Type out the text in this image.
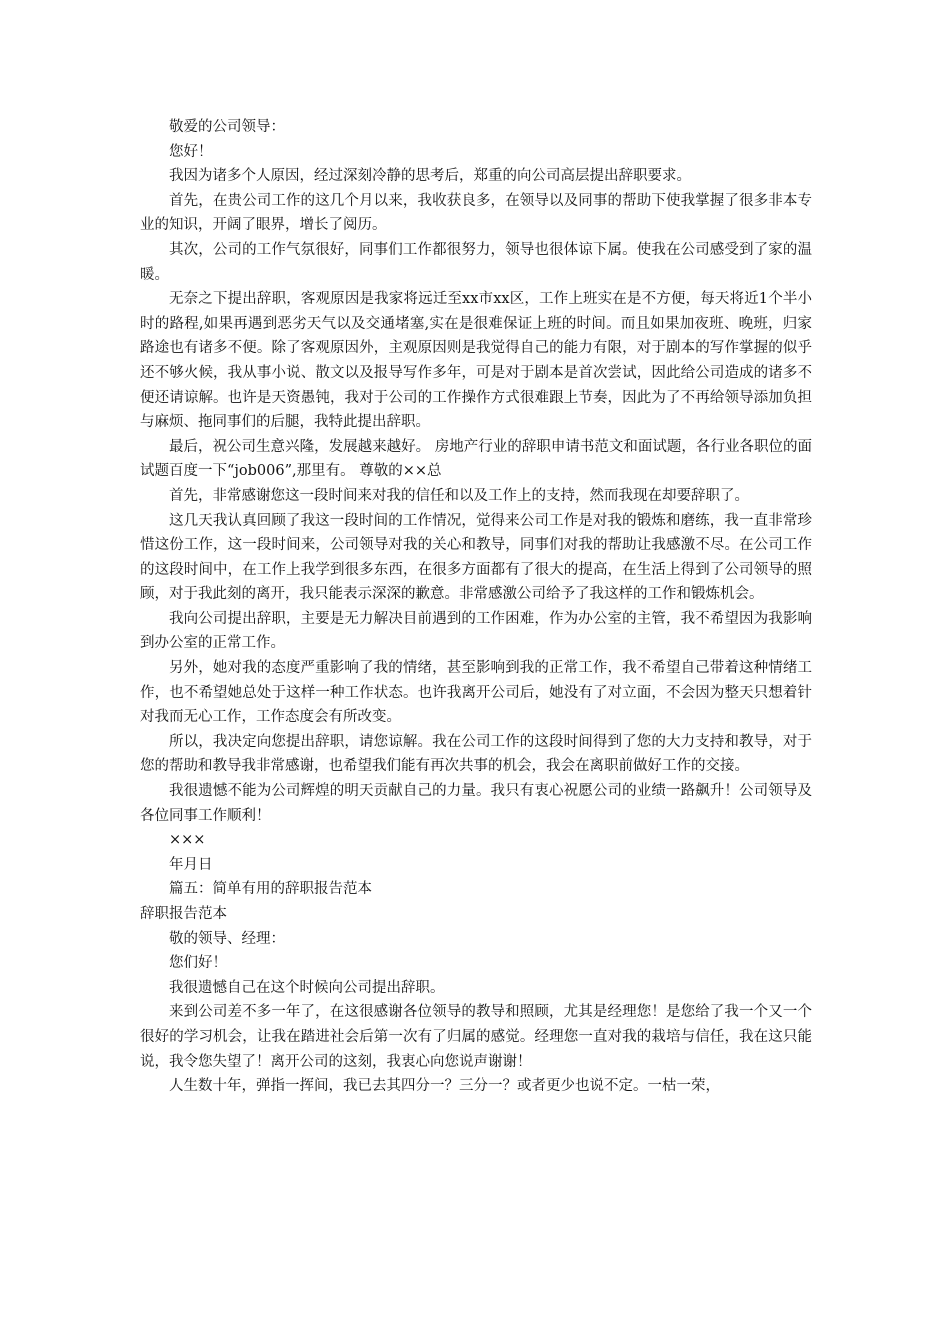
敬爱的公司领导：

您好！

我因为诸多个人原因，经过深刻冷静的思考后，郑重的向公司高层提出辞职要求。

首先，在贵公司工作的这几个月以来，我收获良多，在领导以及同事的帮助下使我掌握了很多非本专业的知识，开阔了眼界，增长了阅历。

其次，公司的工作气氛很好，同事们工作都很努力，领导也很体谅下属。使我在公司感受到了家的温暖。

无奈之下提出辞职，客观原因是我家将远迁至xx市xx区，工作上班实在是不方便，每天将近1个半小时的路程,如果再遇到恶劣天气以及交通堵塞,实在是很难保证上班的时间。而且如果加夜班、晚班，归家路途也有诸多不便。除了客观原因外，主观原因则是我觉得自己的能力有限，对于剧本的写作掌握的似乎还不够火候，我从事小说、散文以及报导写作多年，可是对于剧本是首次尝试，因此给公司造成的诸多不便还请谅解。也许是天资愚钝，我对于公司的工作操作方式很难跟上节奏，因此为了不再给领导添加负担与麻烦、拖同事们的后腿，我特此提出辞职。

最后，祝公司生意兴隆，发展越来越好。 房地产行业的辞职申请书范文和面试题，各行业各职位的面试题百度一下“job006”,那里有。 尊敬的××总

首先，非常感谢您这一段时间来对我的信任和以及工作上的支持，然而我现在却要辞职了。

这几天我认真回顾了我这一段时间的工作情况，觉得来公司工作是对我的锻炼和磨练，我一直非常珍惜这份工作，这一段时间来，公司领导对我的关心和教导，同事们对我的帮助让我感激不尽。在公司工作的这段时间中，在工作上我学到很多东西，在很多方面都有了很大的提高，在生活上得到了公司领导的照顾，对于我此刻的离开，我只能表示深深的歉意。非常感激公司给予了我这样的工作和锻炼机会。

我向公司提出辞职，主要是无力解决目前遇到的工作困难，作为办公室的主管，我不希望因为我影响到办公室的正常工作。

另外，她对我的态度严重影响了我的情绪，甚至影响到我的正常工作，我不希望自己带着这种情绪工作，也不希望她总处于这样一种工作状态。也许我离开公司后，她没有了对立面，不会因为整天只想着针对我而无心工作，工作态度会有所改变。

所以，我决定向您提出辞职，请您谅解。我在公司工作的这段时间得到了您的大力支持和教导，对于您的帮助和教导我非常感谢，也希望我们能有再次共事的机会，我会在离职前做好工作的交接。

我很遗憾不能为公司辉煌的明天贡献自己的力量。我只有衷心祝愿公司的业绩一路飙升！公司领导及各位同事工作顺利！

×××

年月日

篇五：简单有用的辞职报告范本

辞职报告范本

敬的领导、经理：

您们好！

我很遗憾自己在这个时候向公司提出辞职。

来到公司差不多一年了，在这很感谢各位领导的教导和照顾，尤其是经理您！是您给了我一个又一个很好的学习机会，让我在踏进社会后第一次有了归属的感觉。经理您一直对我的栽培与信任，我在这只能说，我令您失望了！离开公司的这刻，我衷心向您说声谢谢！

人生数十年，弹指一挥间，我已去其四分一？三分一？或者更少也说不定。一枯一荣，
